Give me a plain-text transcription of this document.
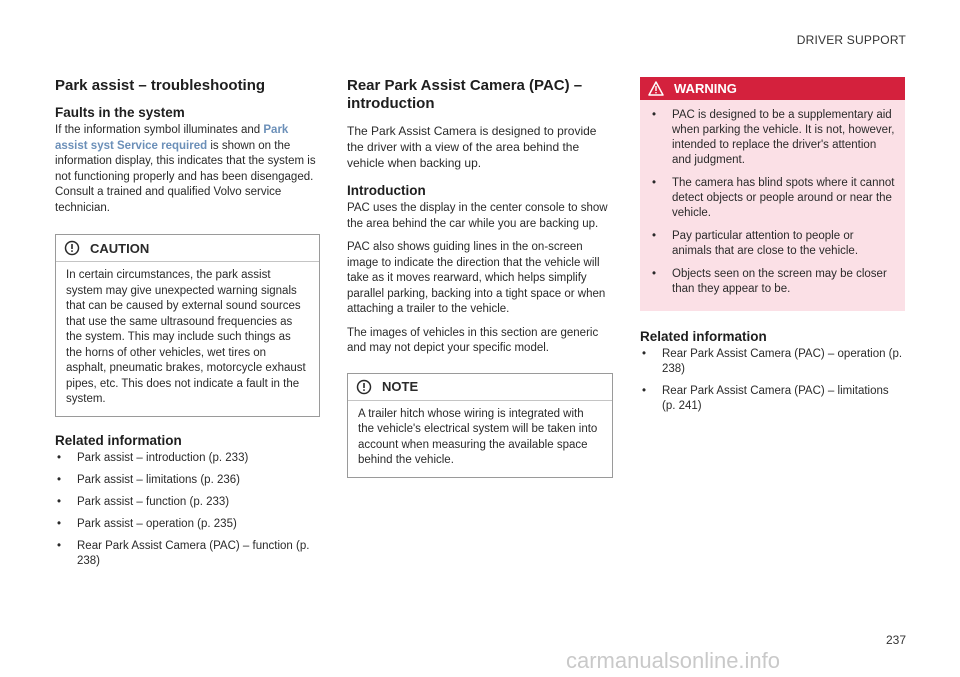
DRIVER SUPPORT
Park assist – troubleshooting
Faults in the system

If the information symbol illuminates and Park assist syst Service required is shown on the information display, this indicates that the system is not functioning properly and has been disengaged. Consult a trained and qualified Volvo service technician.

CAUTION
In certain circumstances, the park assist system may give unexpected warning signals that can be caused by external sound sources that use the same ultrasound frequencies as the system. This may include such things as the horns of other vehicles, wet tires on asphalt, pneumatic brakes, motorcycle exhaust pipes, etc. This does not indicate a fault in the system.
Related information
• Park assist – introduction (p. 233)
• Park assist – limitations (p. 236)
• Park assist – function (p. 233)
• Park assist – operation (p. 235)
• Rear Park Assist Camera (PAC) – function (p. 238)
Rear Park Assist Camera (PAC) – introduction

The Park Assist Camera is designed to provide the driver with a view of the area behind the vehicle when backing up.

Introduction

PAC uses the display in the center console to show the area behind the car while you are backing up.

PAC also shows guiding lines in the on-screen image to indicate the direction that the vehicle will take as it moves rearward, which helps simplify parallel parking, backing into a tight space or when attaching a trailer to the vehicle.

The images of vehicles in this section are generic and may not depict your specific model.

NOTE
A trailer hitch whose wiring is integrated with the vehicle's electrical system will be taken into account when measuring the available space behind the vehicle.
WARNING
• PAC is designed to be a supplementary aid when parking the vehicle. It is not, however, intended to replace the driver's attention and judgment.
• The camera has blind spots where it cannot detect objects or people around or near the vehicle.
• Pay particular attention to people or animals that are close to the vehicle.
• Objects seen on the screen may be closer than they appear to be.
Related information
• Rear Park Assist Camera (PAC) – operation (p. 238)
• Rear Park Assist Camera (PAC) – limitations (p. 241)
237
carmanualsonline.info
